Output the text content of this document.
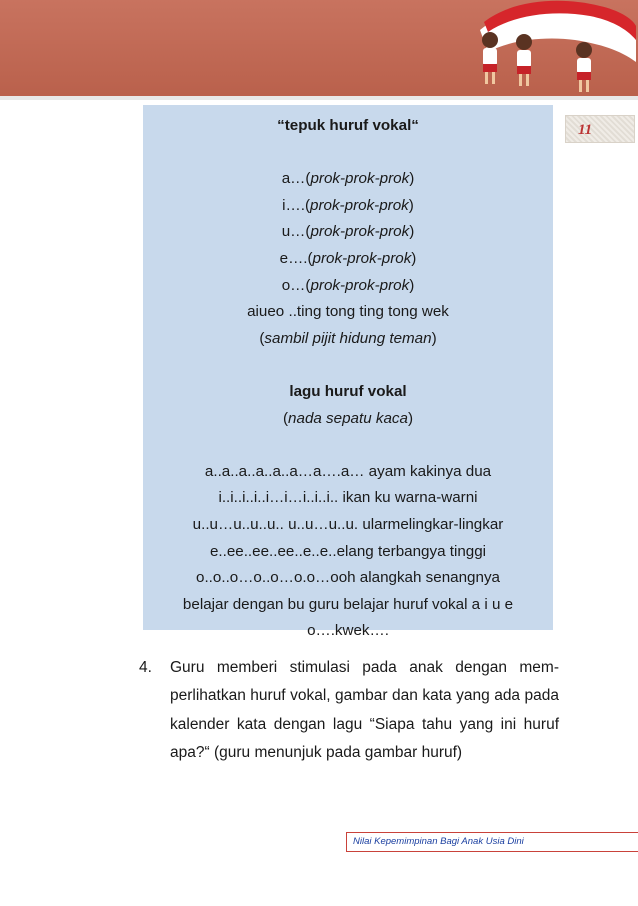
11
“tepuk huruf vokal“
a…(prok-prok-prok)
i….(prok-prok-prok)
u…(prok-prok-prok)
e….(prok-prok-prok)
o…(prok-prok-prok)
aiueo ..ting tong ting tong wek
(sambil pijit hidung teman)
lagu huruf vokal
(nada sepatu kaca)
a..a..a..a..a..a…a….a… ayam kakinya dua
i..i..i..i..i…i…i..i..i.. ikan ku warna-warni
u..u…u..u..u.. u..u…u..u. ularmelingkar-lingkar
e..ee..ee..ee..e..e..elang terbangya tinggi
o..o..o…o..o…o.o…ooh alangkah senangnya
belajar dengan bu guru belajar huruf vokal a i u e
o….kwek….
4. Guru memberi stimulasi pada anak dengan mem-perlihatkan huruf vokal, gambar dan kata yang ada pada kalender kata dengan lagu “Siapa tahu yang ini huruf apa?“ (guru menunjuk pada gambar huruf)
Nilai Kepemimpinan Bagi Anak Usia Dini
